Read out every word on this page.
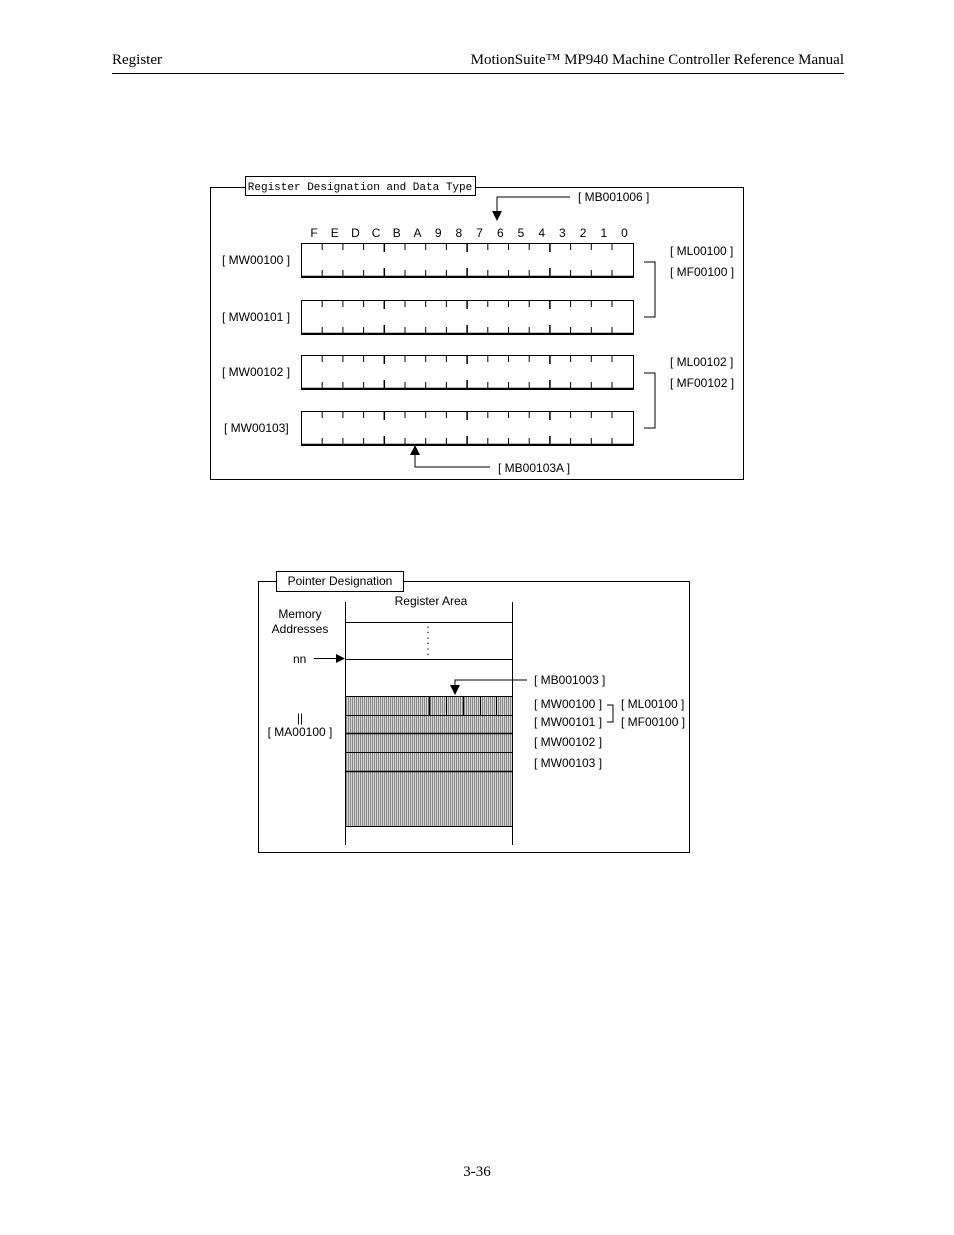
Register	MotionSuite™ MP940 Machine Controller Reference Manual
Register Designation and Data Type
F E D C B A 9 8 7 6 5 4 3 2 1 0
[ MW00100 ]
[ MW00101 ]
[ MW00102 ]
[ MW00103]
[ MB001006 ]
[ MB00103A ]
[ ML00100 ]
[ MF00100 ]
[ ML00102 ]
[ MF00102 ]
Pointer Designation
Register Area
Memory
Addresses	:
:
:
nn
[ MB001003 ]
||
[ MA00100 ]
[ MW00100 ]
[ MW00101 ]
[ MW00102 ]
[ MW00103 ]
[ ML00100 ]
[ MF00100 ]
3-36
